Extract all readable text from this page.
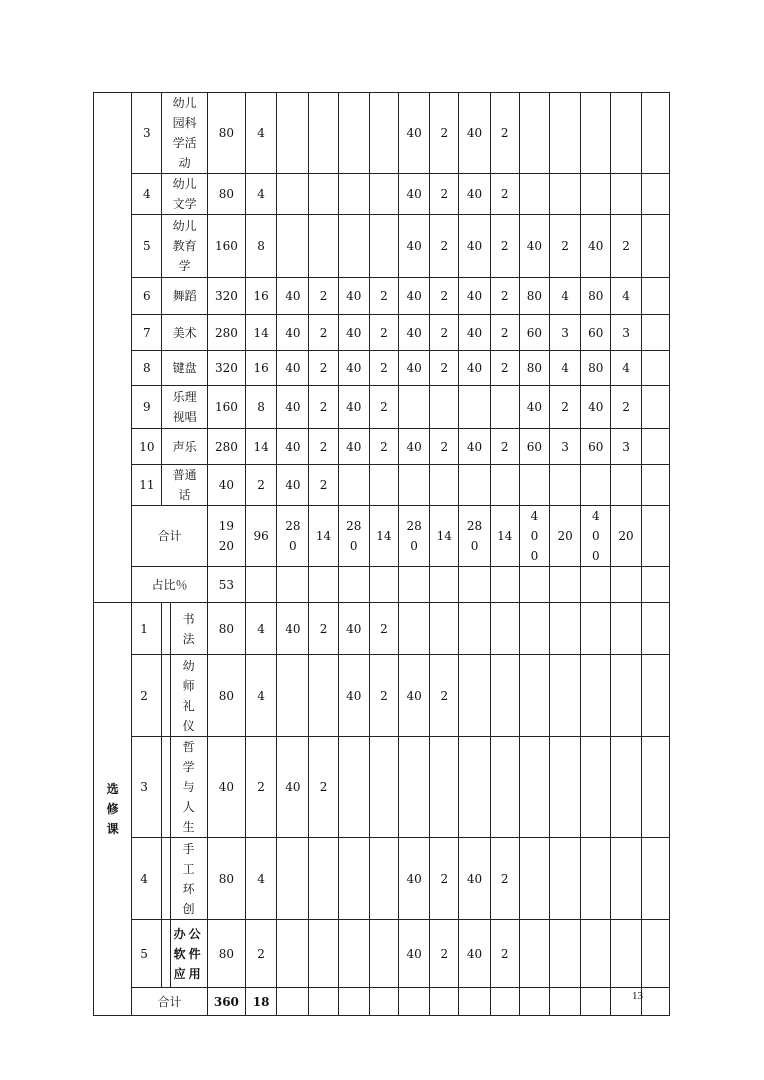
	3	幼儿园科学活动		80	4					40	2	40	2					
	4	幼儿文学		80	4					40	2	40	2					
	5	幼儿教育学		160	8					40	2	40	2	40	2	40	2	
	6	舞蹈		320	16	40	2	40	2	40	2	40	2	80	4	80	4	
	7	美术		280	14	40	2	40	2	40	2	40	2	60	3	60	3	
	8	键盘		320	16	40	2	40	2	40	2	40	2	80	4	80	4	
	9	乐理视唱		160	8	40	2	40	2					40	2	40	2	
	10	声乐		280	14	40	2	40	2	40	2	40	2	60	3	60	3	
	11	普通话		40	2	40	2											
	合计			1920	96	280	14	280	14	280	14	280	14	400	20	400	20	
	占比％			53														
选修课	1		书法	80	4	40	2	40	2									
	2		幼师礼仪	80	4			40	2	40	2							
	3		哲学与人生	40	2	40	2											
	4		手工环创	80	4					40	2	40	2					
	5		办公软件应用	80	2					40	2	40	2					
	合计			360	18														13
